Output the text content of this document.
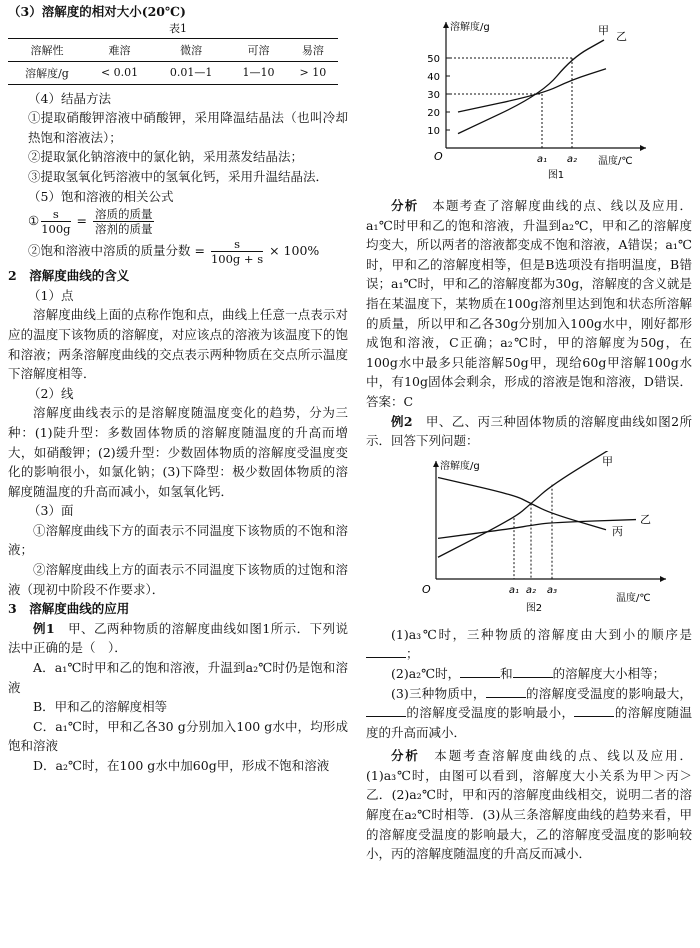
（3）溶解度的相对大小(20℃)

表1

溶解性	难溶	微溶	可溶	易溶
溶解度/g	< 0.01	0.01—1	1—10	> 10

（4）结晶方法

①提取硝酸钾溶液中硝酸钾，采用降温结晶法（也叫冷却热饱和溶液法）；

②提取氯化钠溶液中的氯化钠，采用蒸发结晶法；

③提取氢氧化钙溶液中的氢氧化钙，采用升温结晶法．

（5）饱和溶液的相关公式

① $\frac{s}{100g} = \frac{\text{溶质的质量}}{\text{溶剂的质量}}$

②饱和溶液中溶质的质量分数 = $\frac{s}{100g + s} \times 100\%$

2　溶解度曲线的含义

（1）点

溶解度曲线上面的点称作饱和点，曲线上任意一点表示对应的温度下该物质的溶解度，对应该点的溶液为该温度下的饱和溶液；两条溶解度曲线的交点表示两种物质在交点所示温度下溶解度相等．

（2）线

溶解度曲线表示的是溶解度随温度变化的趋势，分为三种：(1)陡升型：多数固体物质的溶解度随温度的升高而增大，如硝酸钾；(2)缓升型：少数固体物质的溶解度受温度变化的影响很小，如氯化钠；(3)下降型：极少数固体物质的溶解度随温度的升高而减小，如氢氧化钙．

（3）面

①溶解度曲线下方的面表示不同温度下该物质的不饱和溶液；

②溶解度曲线上方的面表示不同温度下该物质的过饱和溶液（现初中阶段不作要求）．

3　溶解度曲线的应用

例1　 甲、乙两种物质的溶解度曲线如图1所示．下列说法中正确的是（　）．

A．a₁℃时甲和乙的饱和溶液，升温到a₂℃时仍是饱和溶液

B．甲和乙的溶解度相等

C．a₁℃时，甲和乙各30 g分别加入100 g水中，均形成饱和溶液

D．a₂℃时，在100 g水中加60g甲，形成不饱和溶液

溶解度/g
温度/℃
O
50
40
30
20
10
a₁ a₂
甲 乙
图1

分析　 本题考查了溶解度曲线的点、线以及应用．a₁℃时甲和乙的饱和溶液，升温到a₂℃，甲和乙的溶解度均变大，所以两者的溶液都变成不饱和溶液，A错误；a₁℃时，甲和乙的溶解度相等，但是B选项没有指明温度，B错误；a₁℃时，甲和乙的溶解度都为30g，溶解度的含义就是指在某温度下，某物质在100g溶剂里达到饱和状态所溶解的质量，所以甲和乙各30g分别加入100g水中，刚好都形成饱和溶液，C正确；a₂℃时，甲的溶解度为50g，在100g水中最多只能溶解50g甲，现给60g甲溶解100g水中，有10g固体会剩余，形成的溶液是饱和溶液，D错误．答案：C

例2　 甲、乙、丙三种固体物质的溶解度曲线如图2所示．回答下列问题：

溶解度/g
温度/℃
O	a₁ a₂ a₃
甲
乙
丙
图2

(1)a₃℃时，三种物质的溶解度由大到小的顺序是；

(2)a₂℃时，	和	的溶解度大小相等；

(3)三种物质中，	的溶解度受温度的影响最大，的溶解度受温度的影响最小，	的溶解度随温度的升高而减小．

分析　 本题考查溶解度曲线的点、线以及应用．(1)a₃℃时，由图可以看到，溶解度大小关系为甲＞丙＞乙．(2)a₂℃时，甲和丙的溶解度曲线相交，说明二者的溶解度在a₂℃时相等．(3)从三条溶解度曲线的趋势来看，甲的溶解度受温度的影响最大，乙的溶解度受温度的影响较小，丙的溶解度随温度的升高反而减小．
